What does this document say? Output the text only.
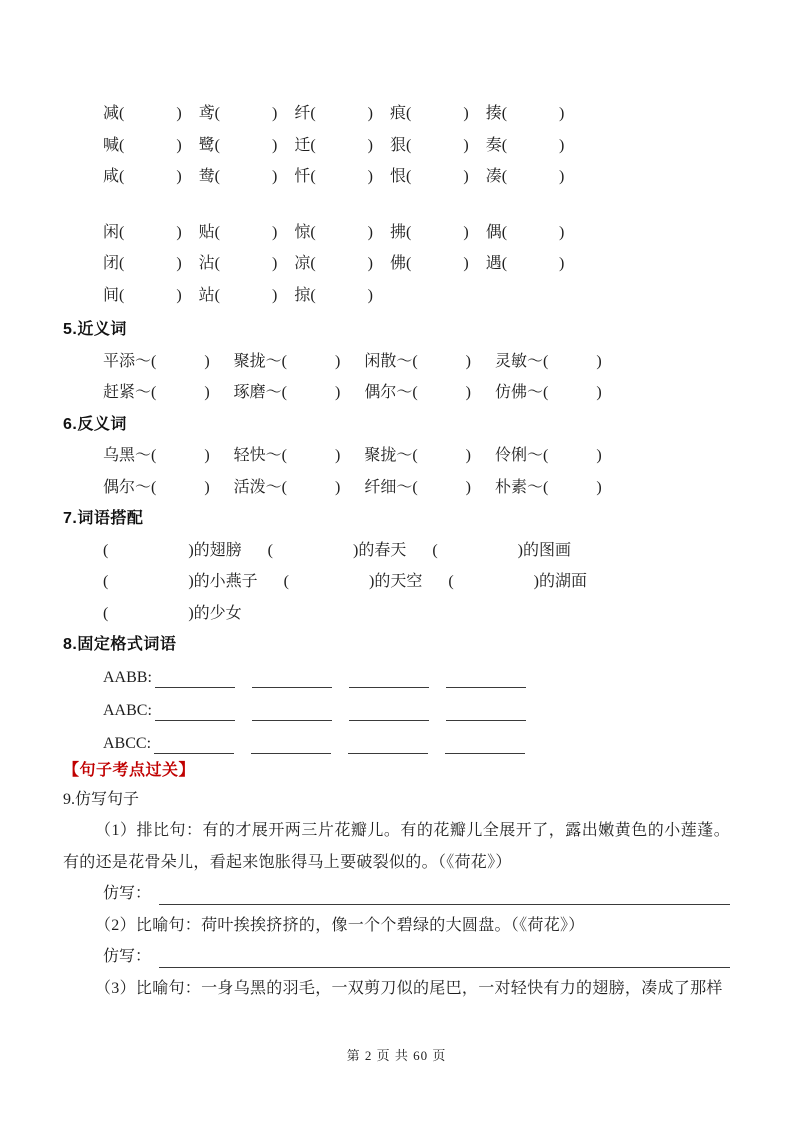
减(　　　 ) 鸢(　　　 ) 纤(　　　 ) 痕(　　　 ) 揍(　　　 )
喊(　　　 ) 鹭(　　　 ) 迁(　　　 ) 狠(　　　 ) 奏(　　　 )
咸(　　　 ) 鸯(　　　 ) 忏(　　　 ) 恨(　　　 ) 凑(　　　 )
闲(　　　 ) 贴(　　　 ) 惊(　　　 ) 拂(　　　 ) 偶(　　　 )
闭(　　　 ) 沾(　　　 ) 凉(　　　 ) 佛(　　　 ) 遇(　　　 )
间(　　　 ) 站(　　　 ) 掠(　　　 )
5.近义词
平添～(　　　) 聚拢～(　　　) 闲散～(　　　) 灵敏～(　　　)
赶紧～(　　　) 琢磨～(　　　) 偶尔～(　　　) 仿佛～(　　　)
6.反义词
乌黑～(　　　) 轻快～(　　　) 聚拢～(　　　) 伶俐～(　　　)
偶尔～(　　　) 活泼～(　　　) 纤细～(　　　) 朴素～(　　　)
7.词语搭配
(　　　　　)的翅膀 (　　　　　)的春天 (　　　　　)的图画
(　　　　　)的小燕子 (　　　　　)的天空 (　　　　　)的湖面
(　　　　　)的少女
8.固定格式词语
AABB:
AABC:
ABCC:
【句子考点过关】
9.仿写句子

（1）排比句：有的才展开两三片花瓣儿。有的花瓣儿全展开了，露出嫩黄色的小莲蓬。有的还是花骨朵儿，看起来饱胀得马上要破裂似的。（《荷花》）

仿写：

（2）比喻句：荷叶挨挨挤挤的，像一个个碧绿的大圆盘。（《荷花》）

仿写：

（3）比喻句：一身乌黑的羽毛，一双剪刀似的尾巴，一对轻快有力的翅膀，凑成了那样

第 2 页 共 60 页
